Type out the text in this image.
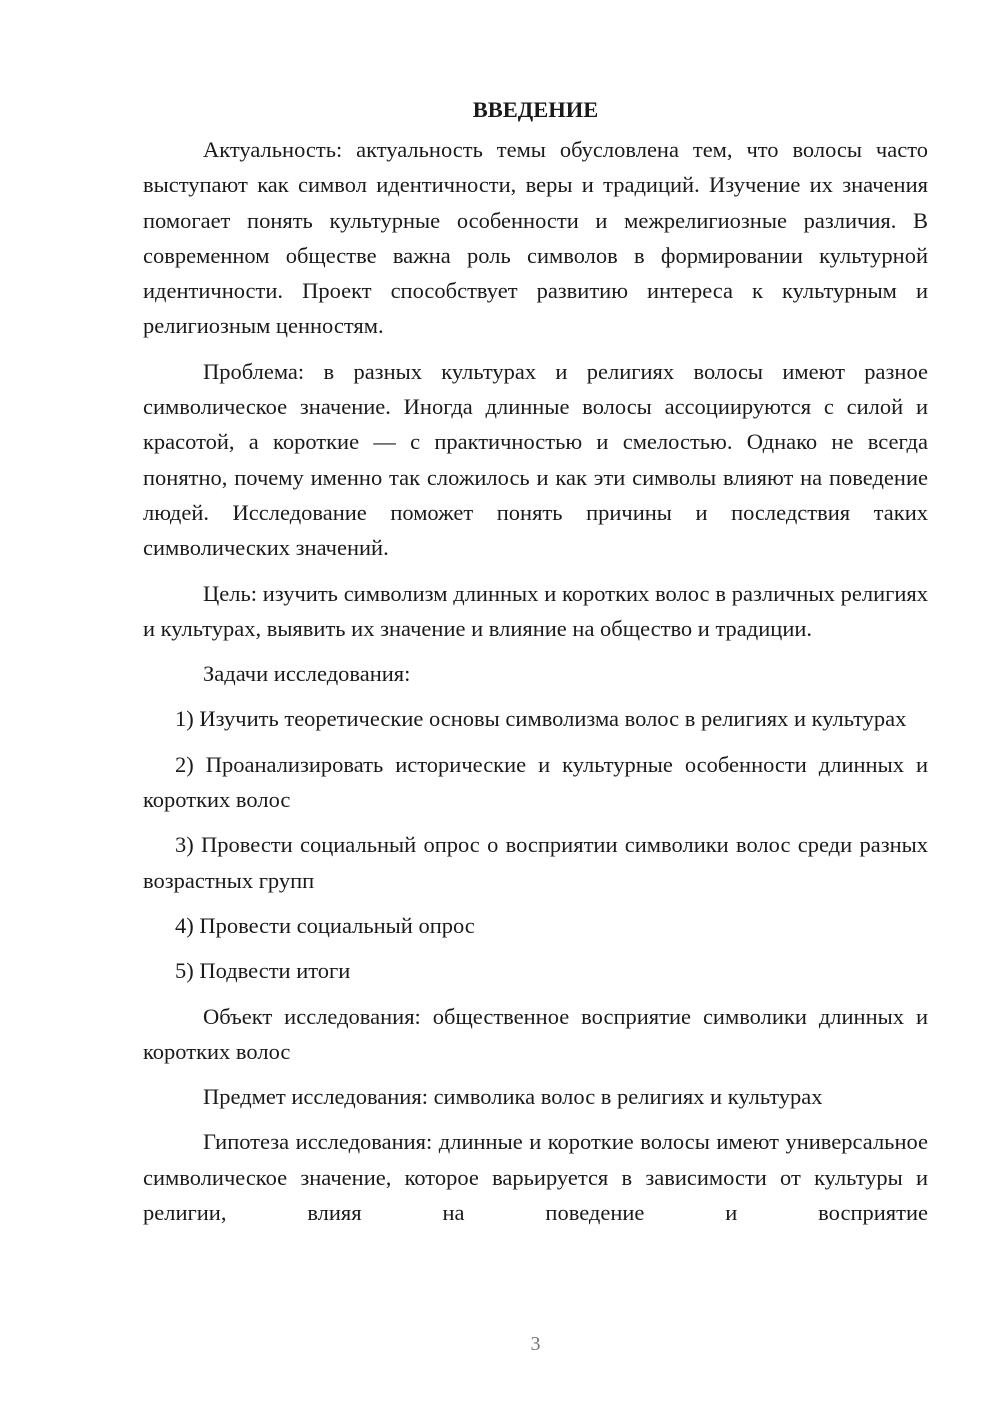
ВВЕДЕНИЕ

Актуальность: актуальность темы обусловлена тем, что волосы часто выступают как символ идентичности, веры и традиций. Изучение их значения помогает понять культурные особенности и межрелигиозные различия. В современном обществе важна роль символов в формировании культурной идентичности. Проект способствует развитию интереса к культурным и религиозным ценностям.

Проблема: в разных культурах и религиях волосы имеют разное символическое значение. Иногда длинные волосы ассоциируются с силой и красотой, а короткие — с практичностью и смелостью. Однако не всегда понятно, почему именно так сложилось и как эти символы влияют на поведение людей. Исследование поможет понять причины и последствия таких символических значений.

Цель: изучить символизм длинных и коротких волос в различных религиях и культурах, выявить их значение и влияние на общество и традиции.

Задачи исследования:

1) Изучить теоретические основы символизма волос в религиях и культурах

2) Проанализировать исторические и культурные особенности длинных и коротких волос

3) Провести социальный опрос о восприятии символики волос среди разных возрастных групп

4) Провести социальный опрос

5) Подвести итоги

Объект исследования: общественное восприятие символики длинных и коротких волос

Предмет исследования: символика волос в религиях и культурах

Гипотеза исследования: длинные и короткие волосы имеют универсальное символическое значение, которое варьируется в зависимости от культуры и религии, влияя на поведение и восприятие

3
